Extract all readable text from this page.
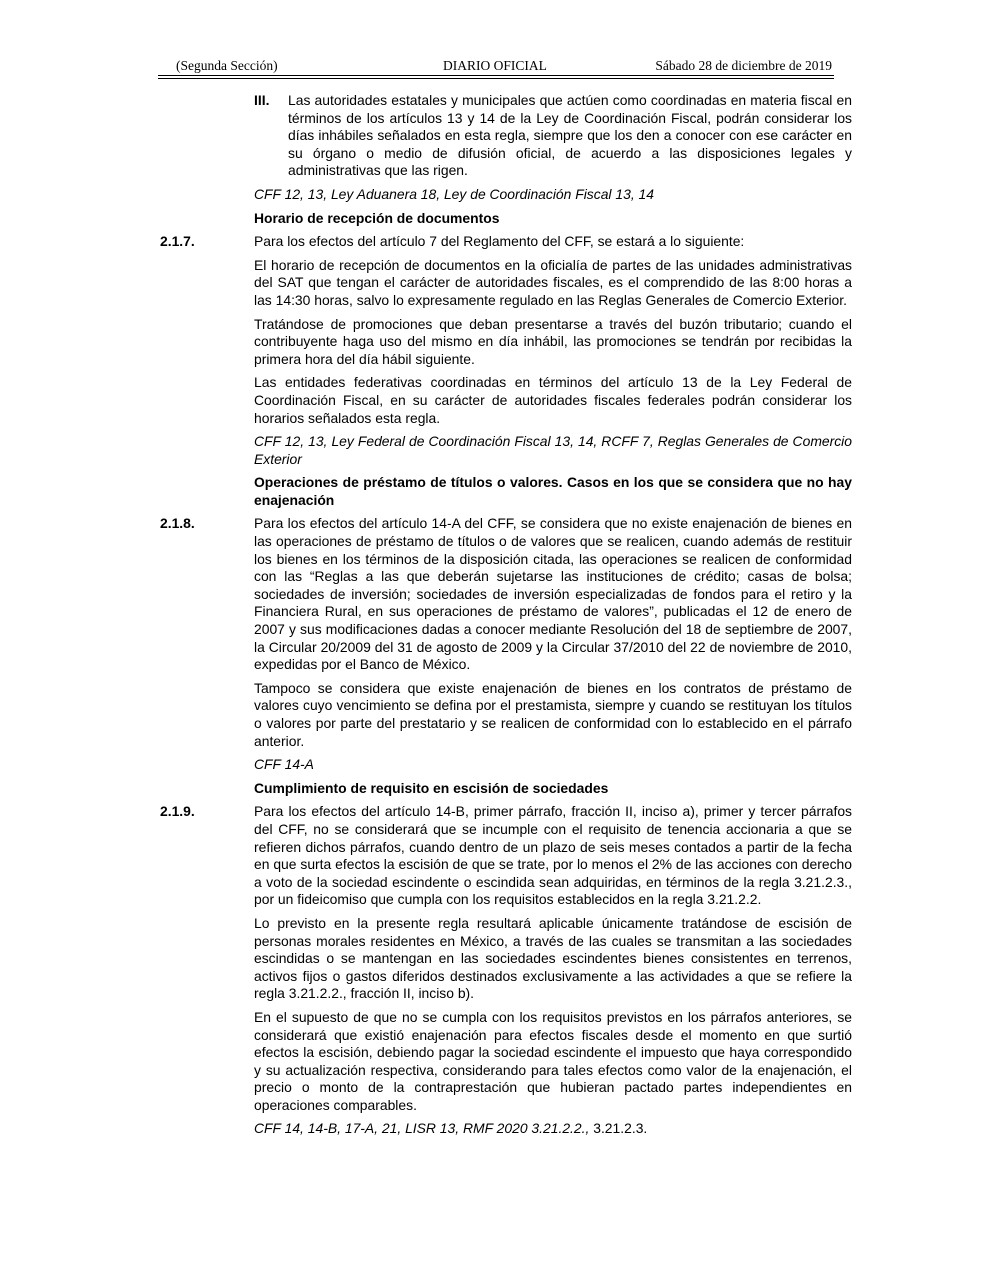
(Segunda Sección)	DIARIO OFICIAL	Sábado 28 de diciembre de 2019
III. Las autoridades estatales y municipales que actúen como coordinadas en materia fiscal en términos de los artículos 13 y 14 de la Ley de Coordinación Fiscal, podrán considerar los días inhábiles señalados en esta regla, siempre que los den a conocer con ese carácter en su órgano o medio de difusión oficial, de acuerdo a las disposiciones legales y administrativas que las rigen.

CFF 12, 13, Ley Aduanera 18, Ley de Coordinación Fiscal 13, 14

Horario de recepción de documentos

2.1.7.	Para los efectos del artículo 7 del Reglamento del CFF, se estará a lo siguiente:

El horario de recepción de documentos en la oficialía de partes de las unidades administrativas del SAT que tengan el carácter de autoridades fiscales, es el comprendido de las 8:00 horas a las 14:30 horas, salvo lo expresamente regulado en las Reglas Generales de Comercio Exterior.

Tratándose de promociones que deban presentarse a través del buzón tributario; cuando el contribuyente haga uso del mismo en día inhábil, las promociones se tendrán por recibidas la primera hora del día hábil siguiente.

Las entidades federativas coordinadas en términos del artículo 13 de la Ley Federal de Coordinación Fiscal, en su carácter de autoridades fiscales federales podrán considerar los horarios señalados esta regla.

CFF 12, 13, Ley Federal de Coordinación Fiscal 13, 14, RCFF 7, Reglas Generales de Comercio Exterior

Operaciones de préstamo de títulos o valores. Casos en los que se considera que no hay enajenación

2.1.8.	Para los efectos del artículo 14-A del CFF, se considera que no existe enajenación de bienes en las operaciones de préstamo de títulos o de valores que se realicen, cuando además de restituir los bienes en los términos de la disposición citada, las operaciones se realicen de conformidad con las “Reglas a las que deberán sujetarse las instituciones de crédito; casas de bolsa; sociedades de inversión; sociedades de inversión especializadas de fondos para el retiro y la Financiera Rural, en sus operaciones de préstamo de valores”, publicadas el 12 de enero de 2007 y sus modificaciones dadas a conocer mediante Resolución del 18 de septiembre de 2007, la Circular 20/2009 del 31 de agosto de 2009 y la Circular 37/2010 del 22 de noviembre de 2010, expedidas por el Banco de México.

Tampoco se considera que existe enajenación de bienes en los contratos de préstamo de valores cuyo vencimiento se defina por el prestamista, siempre y cuando se restituyan los títulos o valores por parte del prestatario y se realicen de conformidad con lo establecido en el párrafo anterior.

CFF 14-A

Cumplimiento de requisito en escisión de sociedades

2.1.9.	Para los efectos del artículo 14-B, primer párrafo, fracción II, inciso a), primer y tercer párrafos del CFF, no se considerará que se incumple con el requisito de tenencia accionaria a que se refieren dichos párrafos, cuando dentro de un plazo de seis meses contados a partir de la fecha en que surta efectos la escisión de que se trate, por lo menos el 2% de las acciones con derecho a voto de la sociedad escindente o escindida sean adquiridas, en términos de la regla 3.21.2.3., por un fideicomiso que cumpla con los requisitos establecidos en la regla 3.21.2.2.

Lo previsto en la presente regla resultará aplicable únicamente tratándose de escisión de personas morales residentes en México, a través de las cuales se transmitan a las sociedades escindidas o se mantengan en las sociedades escindentes bienes consistentes en terrenos, activos fijos o gastos diferidos destinados exclusivamente a las actividades a que se refiere la regla 3.21.2.2., fracción II, inciso b).

En el supuesto de que no se cumpla con los requisitos previstos en los párrafos anteriores, se considerará que existió enajenación para efectos fiscales desde el momento en que surtió efectos la escisión, debiendo pagar la sociedad escindente el impuesto que haya correspondido y su actualización respectiva, considerando para tales efectos como valor de la enajenación, el precio o monto de la contraprestación que hubieran pactado partes independientes en operaciones comparables.

CFF 14, 14-B, 17-A, 21, LISR 13, RMF 2020 3.21.2.2., 3.21.2.3.
